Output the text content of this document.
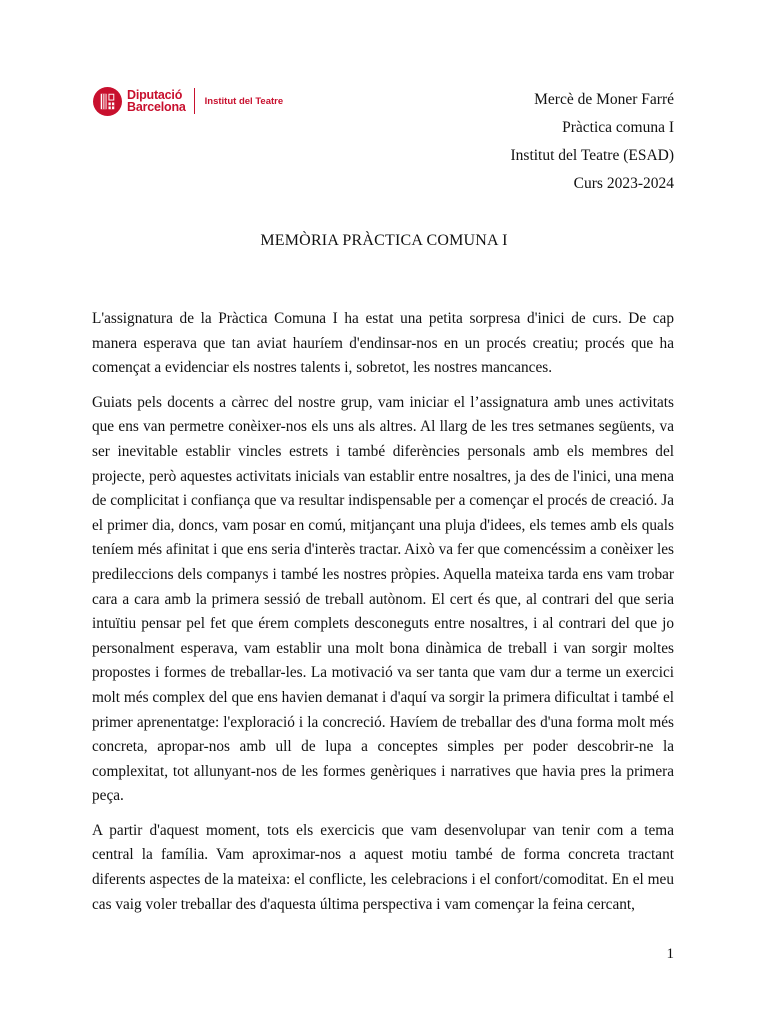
Diputació
Barcelona Institut del Teatre	Mercè de Moner Farré
Pràctica comuna I
Institut del Teatre (ESAD)
Curs 2023-2024
MEMÒRIA PRÀCTICA COMUNA I

L'assignatura de la Pràctica Comuna I ha estat una petita sorpresa d'inici de curs. De cap manera esperava que tan aviat hauríem d'endinsar-nos en un procés creatiu; procés que ha començat a evidenciar els nostres talents i, sobretot, les nostres mancances.

Guiats pels docents a càrrec del nostre grup, vam iniciar el l’assignatura amb unes activitats que ens van permetre conèixer-nos els uns als altres. Al llarg de les tres setmanes següents, va ser inevitable establir vincles estrets i també diferències personals amb els membres del projecte, però aquestes activitats inicials van establir entre nosaltres, ja des de l'inici, una mena de complicitat i confiança que va resultar indispensable per a començar el procés de creació. Ja el primer dia, doncs, vam posar en comú, mitjançant una pluja d'idees, els temes amb els quals teníem més afinitat i que ens seria d'interès tractar. Això va fer que comencéssim a conèixer les predileccions dels companys i també les nostres pròpies. Aquella mateixa tarda ens vam trobar cara a cara amb la primera sessió de treball autònom. El cert és que, al contrari del que seria intuïtiu pensar pel fet que érem complets desconeguts entre nosaltres, i al contrari del que jo personalment esperava, vam establir una molt bona dinàmica de treball i van sorgir moltes propostes i formes de treballar-les. La motivació va ser tanta que vam dur a terme un exercici molt més complex del que ens havien demanat i d'aquí va sorgir la primera dificultat i també el primer aprenentatge: l'exploració i la concreció. Havíem de treballar des d'una forma molt més concreta, apropar-nos amb ull de lupa a conceptes simples per poder descobrir-ne la complexitat, tot allunyant-nos de les formes genèriques i narratives que havia pres la primera peça.

A partir d'aquest moment, tots els exercicis que vam desenvolupar van tenir com a tema central la família. Vam aproximar-nos a aquest motiu també de forma concreta tractant diferents aspectes de la mateixa: el conflicte, les celebracions i el confort/comoditat. En el meu cas vaig voler treballar des d'aquesta última perspectiva i vam començar la feina cercant,

1
